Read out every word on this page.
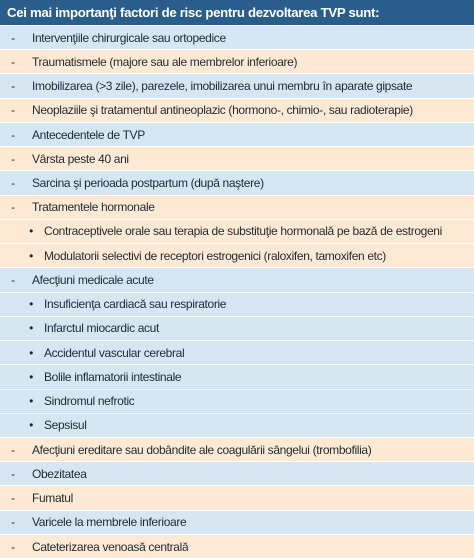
Cei mai importanţi factori de risc pentru dezvoltarea TVP sunt:
-	Intervenţiile chirurgicale sau ortopedice
-	Traumatismele (majore sau ale membrelor inferioare)
-	Imobilizarea (>3 zile), parezele, imobilizarea unui membru în aparate gipsate
-	Neoplaziile şi tratamentul antineoplazic (hormono-, chimio-, sau radioterapie)
-	Antecedentele de TVP
-	Vârsta peste 40 ani
-	Sarcina şi perioada postpartum (după naştere)
-	Tratamentele hormonale
• Contraceptivele orale sau terapia de substituţie hormonală pe bază de estrogeni
• Modulatorii selectivi de receptori estrogenici (raloxifen, tamoxifen etc)
-	Afecţiuni medicale acute
• Insuficienţa cardiacă sau respiratorie
• Infarctul miocardic acut
• Accidentul vascular cerebral
• Bolile inflamatorii intestinale
• Sindromul nefrotic
• Sepsisul
-	Afecţiuni ereditare sau dobândite ale coagulării sângelui (trombofilia)
-	Obezitatea
-	Fumatul
-	Varicele la membrele inferioare
-	Cateterizarea venoasă centrală
